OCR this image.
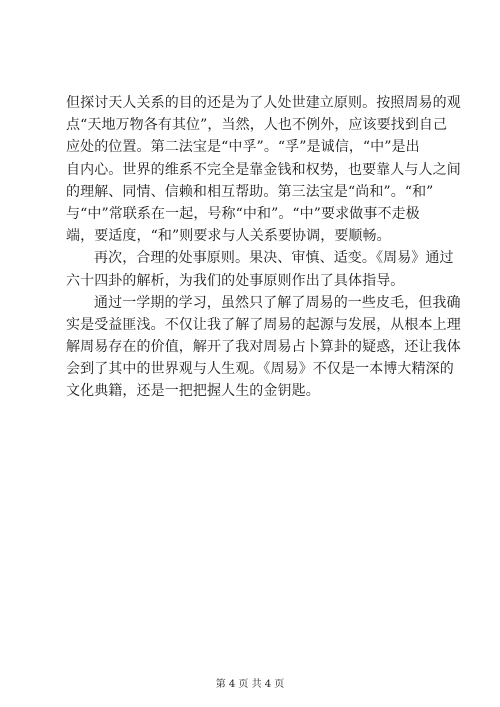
但探讨天人关系的目的还是为了人处世建立原则。按照周易的观
点“天地万物各有其位”，当然，人也不例外，应该要找到自己
应处的位置。第二法宝是“中孚”。“孚”是诚信，“中”是出
自内心。世界的维系不完全是靠金钱和权势，也要靠人与人之间
的理解、同情、信赖和相互帮助。第三法宝是“尚和”。“和”
与“中”常联系在一起，号称“中和”。“中”要求做事不走极
端，要适度，“和”则要求与人关系要协调，要顺畅。
再次，合理的处事原则。果决、审慎、适变。《周易》通过
六十四卦的解析，为我们的处事原则作出了具体指导。
通过一学期的学习，虽然只了解了周易的一些皮毛，但我确
实是受益匪浅。不仅让我了解了周易的起源与发展，从根本上理
解周易存在的价值，解开了我对周易占卜算卦的疑惑，还让我体
会到了其中的世界观与人生观。《周易》不仅是一本博大精深的
文化典籍，还是一把把握人生的金钥匙。
第 4 页 共 4 页
